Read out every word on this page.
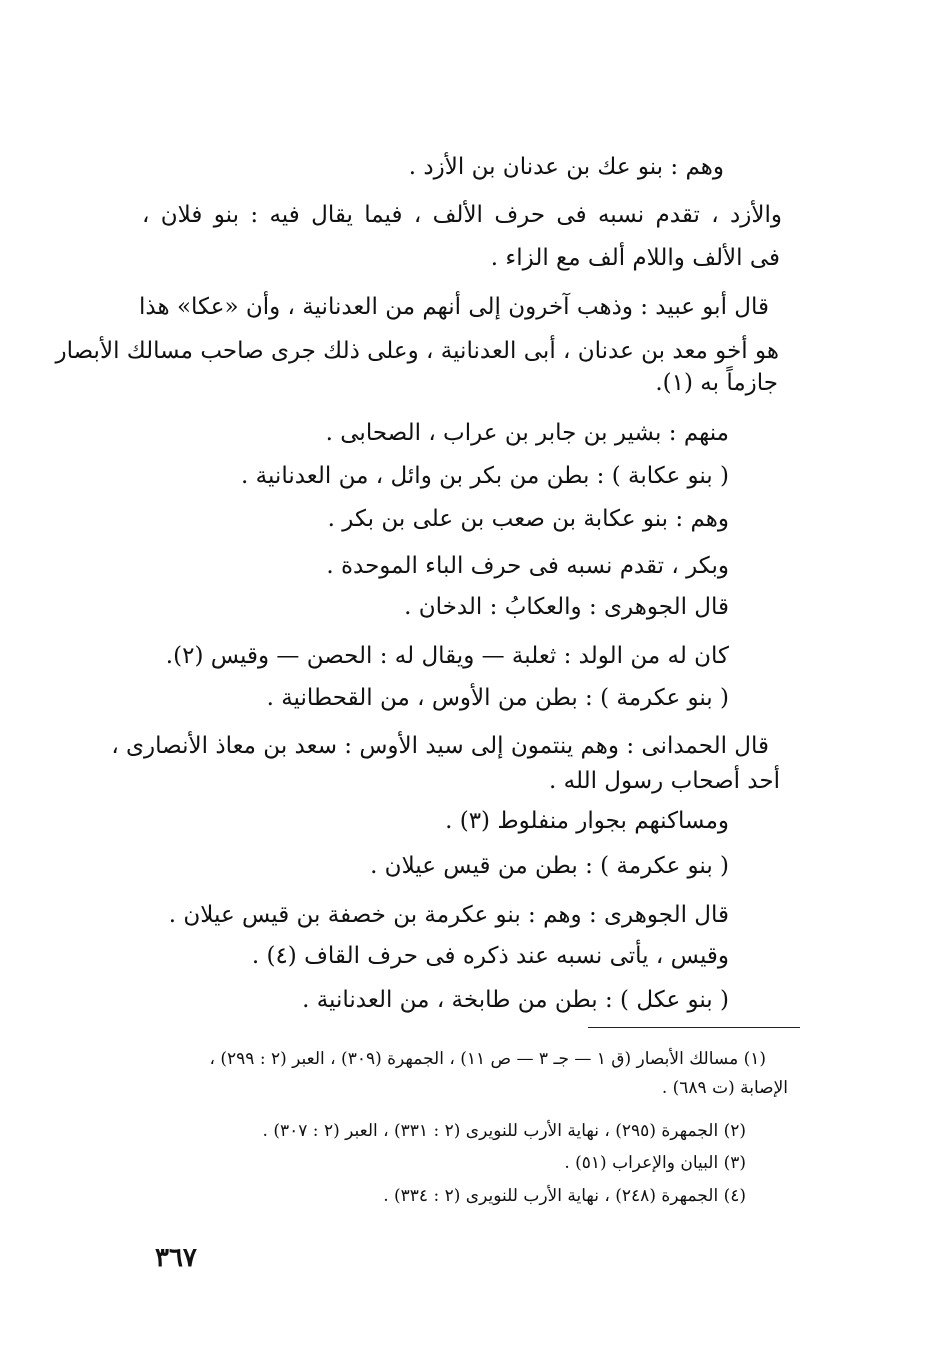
وهم : بنو عك بن عدنان بن الأزد .
والأزد ، تقدم نسبه فى حرف الألف ، فيما يقال فيه : بنو فلان ،
فى الألف واللام ألف مع الزاء .
قال أبو عبيد : وذهب آخرون إلى أنهم من العدنانية ، وأن «عكا» هذا
هو أخو معد بن عدنان ، أبى العدنانية ، وعلى ذلك جرى صاحب مسالك الأبصار
جازماً به (١).
منهم : بشير بن جابر بن عراب ، الصحابى .
( بنو عكابة ) : بطن من بكر بن وائل ، من العدنانية .
وهم : بنو عكابة بن صعب بن على بن بكر .
وبكر ، تقدم نسبه فى حرف الباء الموحدة .
قال الجوهرى : والعكابُ : الدخان .
كان له من الولد : ثعلبة — ويقال له : الحصن — وقيس (٢).
( بنو عكرمة ) : بطن من الأوس ، من القحطانية .
قال الحمدانى : وهم ينتمون إلى سيد الأوس : سعد بن معاذ الأنصارى ،
أحد أصحاب رسول الله .
ومساكنهم بجوار منفلوط (٣) .
( بنو عكرمة ) : بطن من قيس عيلان .
قال الجوهرى : وهم : بنو عكرمة بن خصفة بن قيس عيلان .
وقيس ، يأتى نسبه عند ذكره فى حرف القاف (٤) .
( بنو عكل ) : بطن من طابخة ، من العدنانية .
(١) مسالك الأبصار (ق ١ — جـ ٣ — ص ١١) ، الجمهرة (٣٠٩) ، العبر (٢ : ٢٩٩) ،
الإصابة (ت ٦٨٩) .
(٢) الجمهرة (٢٩٥) ، نهاية الأرب للنويرى (٢ : ٣٣١) ، العبر (٢ : ٣٠٧) .
(٣) البيان والإعراب (٥١) .
(٤) الجمهرة (٢٤٨) ، نهاية الأرب للنويرى (٢ : ٣٣٤) .
٣٦٧
